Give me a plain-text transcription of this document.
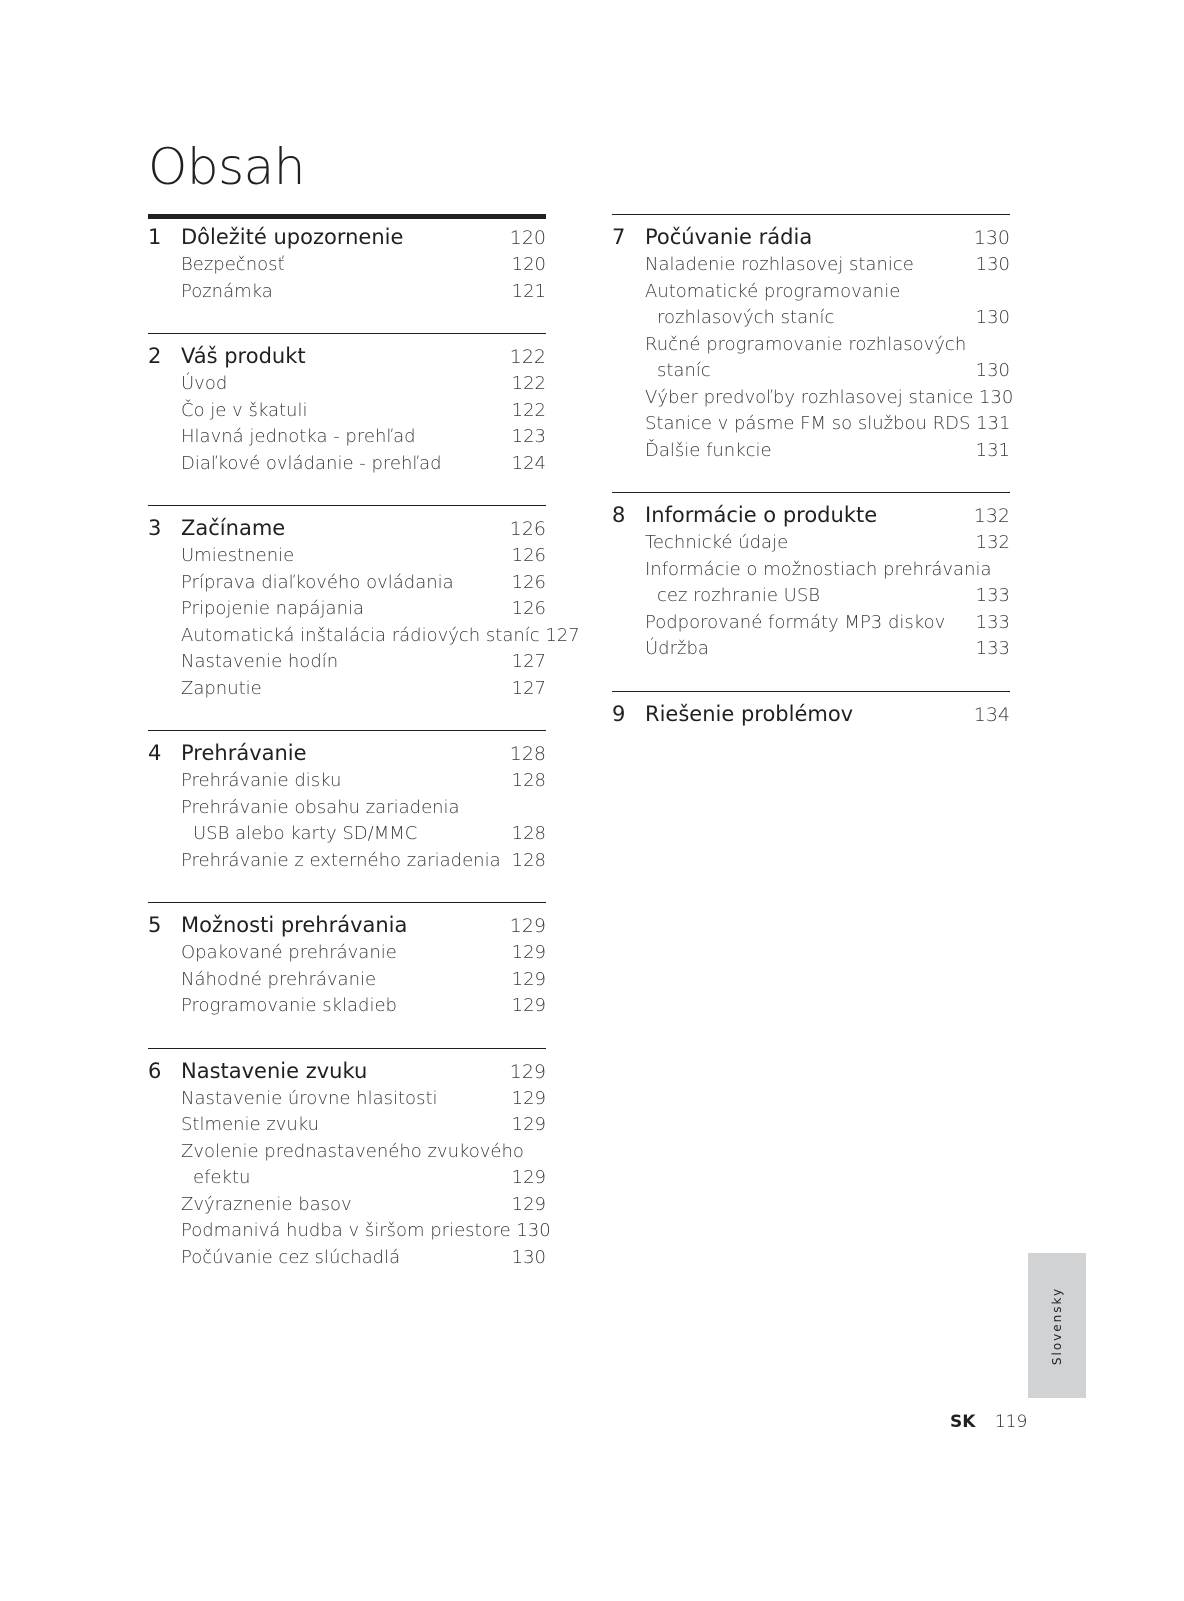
Obsah
1 Dôležité upozornenie	120
Bezpečnosť	120
Poznámka	121
2 Váš produkt	122
Úvod	122
Čo je v škatuli	122
Hlavná jednotka - prehľad	123
Diaľkové ovládanie - prehľad	124
3 Začíname	126
Umiestnenie	126
Príprava diaľkového ovládania	126
Pripojenie napájania	126
Automatická inštalácia rádiových staníc 127
Nastavenie hodín	127
Zapnutie	127
4 Prehrávanie	128
Prehrávanie disku	128
Prehrávanie obsahu zariadenia
USB alebo karty SD/MMC	128
Prehrávanie z externého zariadenia 128
5 Možnosti prehrávania	129
Opakované prehrávanie	129
Náhodné prehrávanie	129
Programovanie skladieb	129
6 Nastavenie zvuku	129
Nastavenie úrovne hlasitosti	129
Stlmenie zvuku	129
Zvolenie prednastaveného zvukového
efektu	129
Zvýraznenie basov	129
Podmanivá hudba v širšom priestore 130
Počúvanie cez slúchadlá	130
7 Počúvanie rádia	130
Naladenie rozhlasovej stanice	130
Automatické programovanie
rozhlasových staníc	130
Ručné programovanie rozhlasových
staníc	130
Výber predvoľby rozhlasovej stanice 130
Stanice v pásme FM so službou RDS 131
Ďalšie funkcie	131
8 Informácie o produkte	132
Technické údaje	132
Informácie o možnostiach prehrávania
cez rozhranie USB	133
Podporované formáty MP3 diskov	133
Údržba	133
9 Riešenie problémov	134
Slovensky
SK 119
